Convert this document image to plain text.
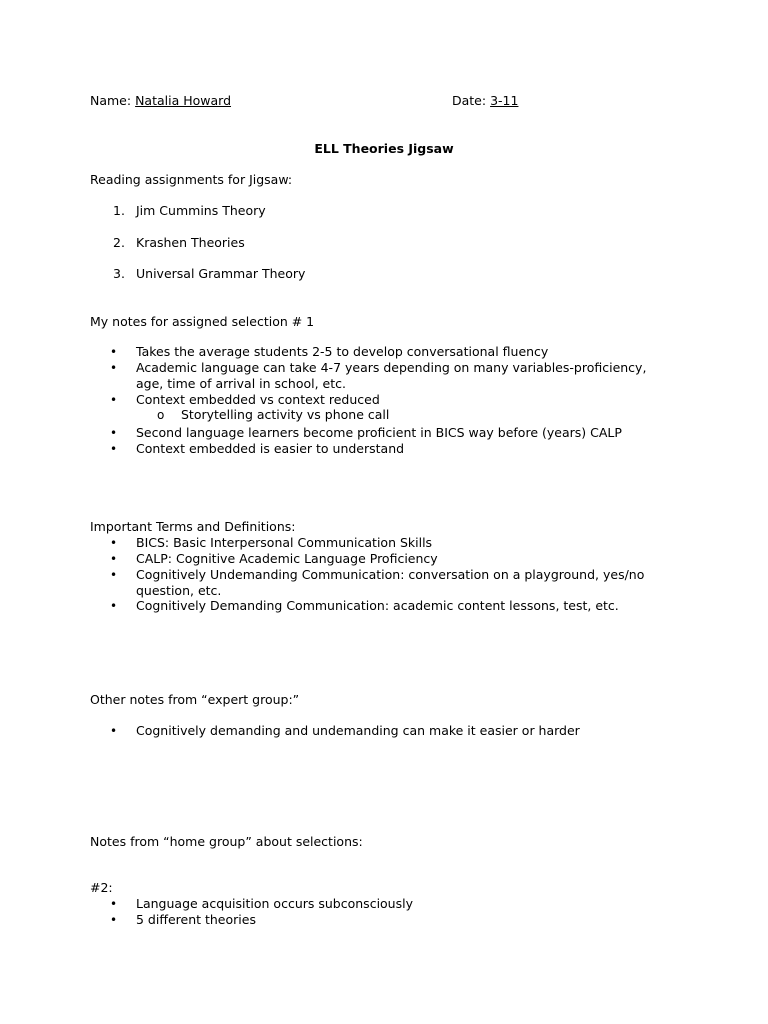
Name: Natalia Howard	Date: 3-11
ELL Theories Jigsaw
Reading assignments for Jigsaw:
1. Jim Cummins Theory
2. Krashen Theories
3. Universal Grammar Theory
My notes for assigned selection # 1
• Takes the average students 2-5 to develop conversational fluency
• Academic language can take 4-7 years depending on many variables-proficiency,
age, time of arrival in school, etc.
• Context embedded vs context reduced
o Storytelling activity vs phone call
• Second language learners become proficient in BICS way before (years) CALP
• Context embedded is easier to understand
Important Terms and Definitions:
• BICS: Basic Interpersonal Communication Skills
• CALP: Cognitive Academic Language Proficiency
• Cognitively Undemanding Communication: conversation on a playground, yes/no
question, etc.
• Cognitively Demanding Communication: academic content lessons, test, etc.
Other notes from “expert group:”
• Cognitively demanding and undemanding can make it easier or harder
Notes from “home group” about selections:
#2:
• Language acquisition occurs subconsciously
• 5 different theories
